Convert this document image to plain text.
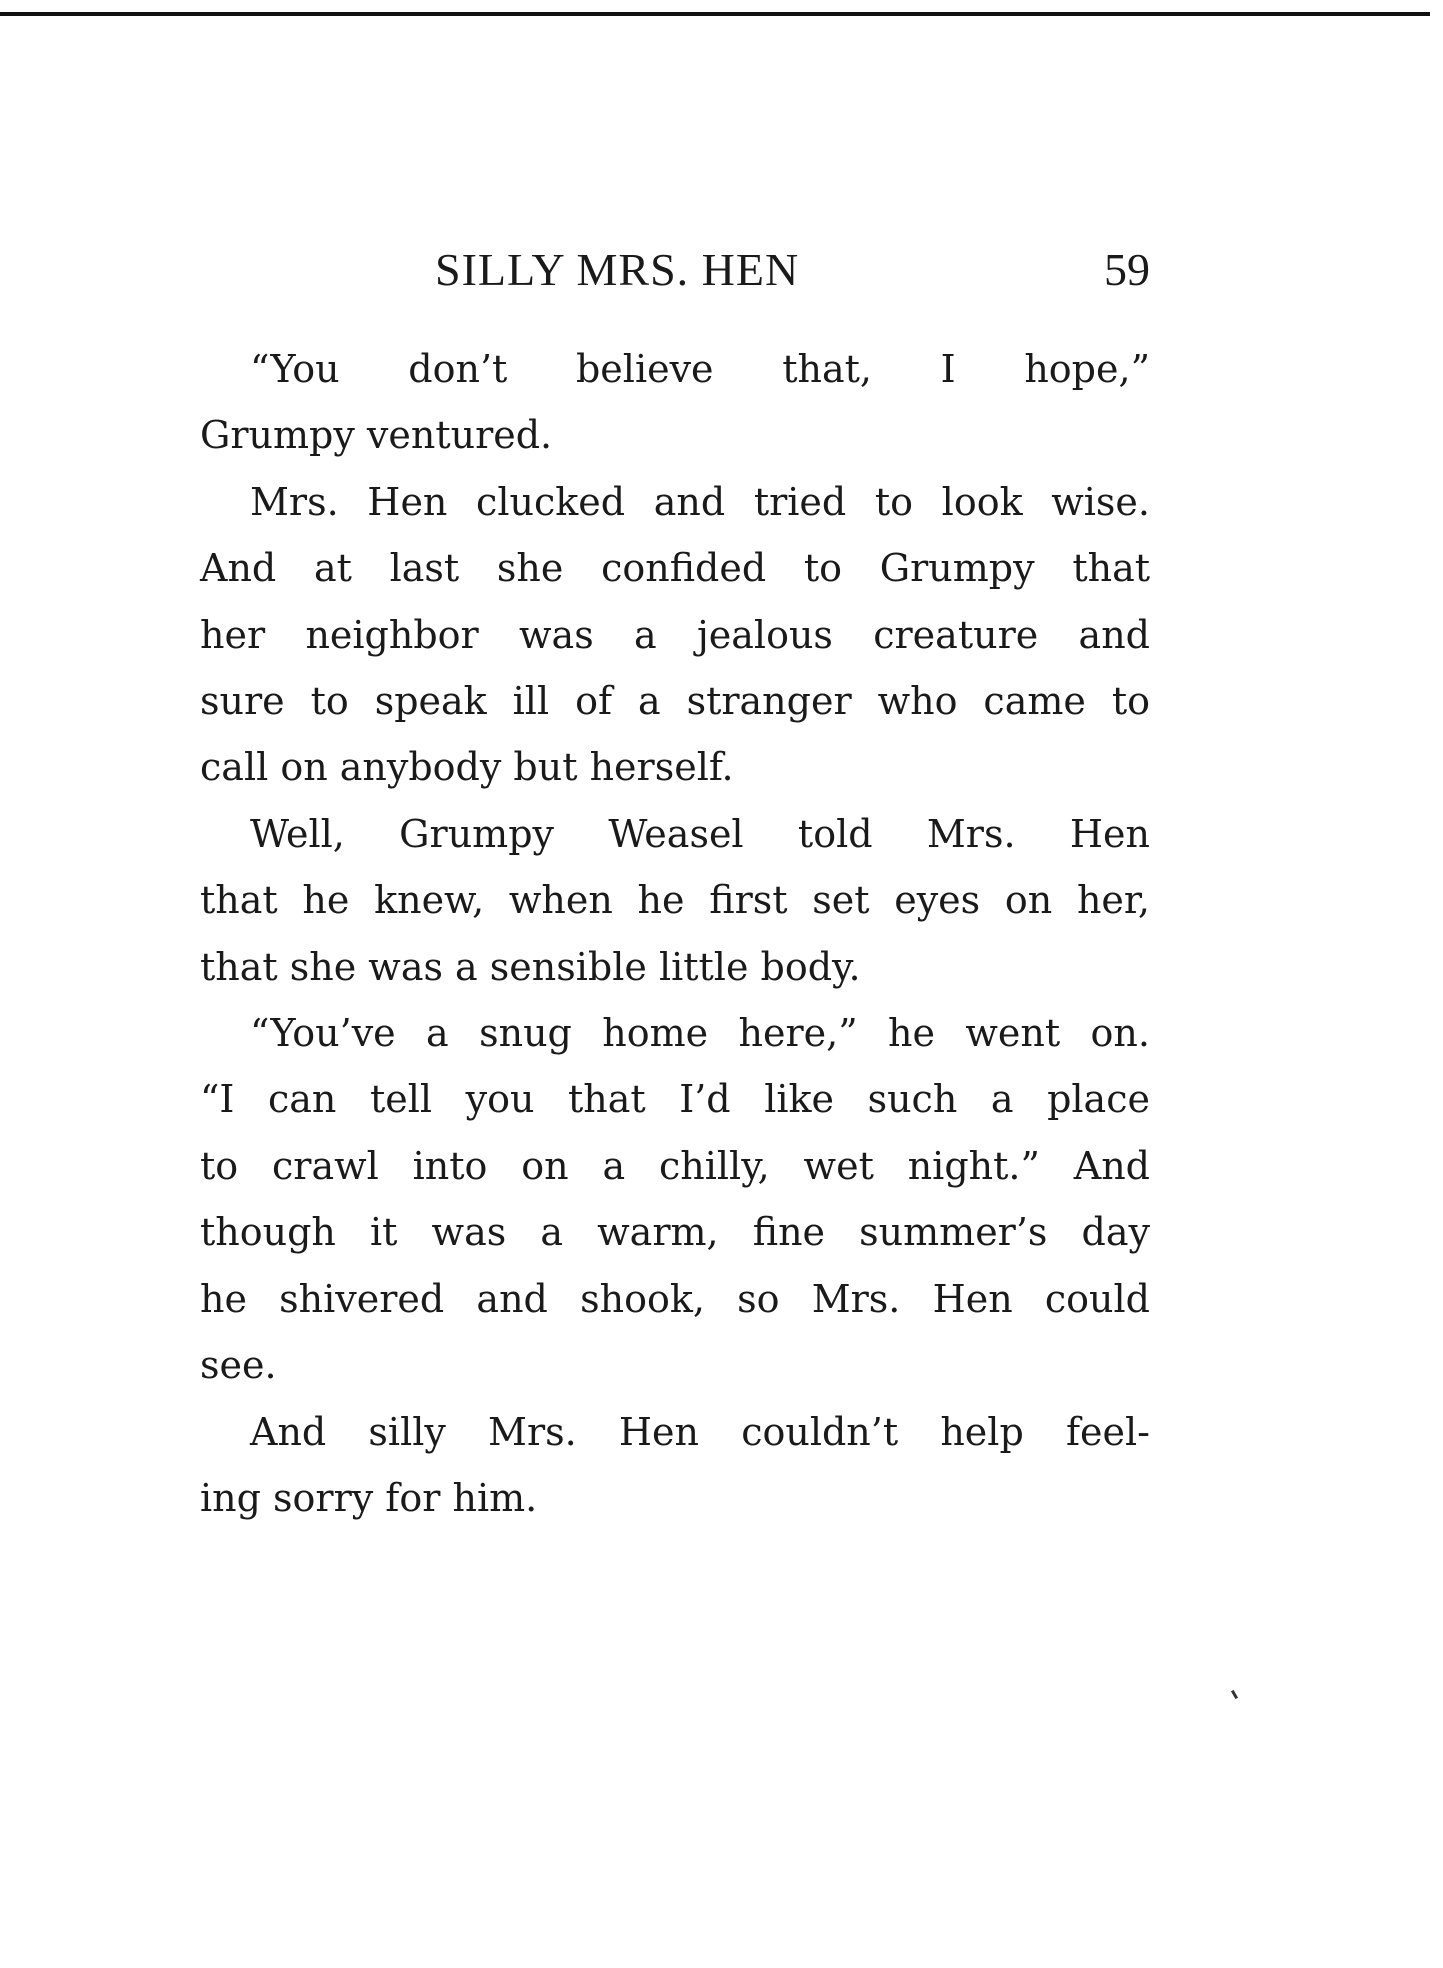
SILLY MRS. HEN	59

“You don’t believe that, I hope,”
Grumpy ventured.

Mrs. Hen clucked and tried to look wise.
And at last she confided to Grumpy that
her neighbor was a jealous creature and
sure to speak ill of a stranger who came to
call on anybody but herself.

Well, Grumpy Weasel told Mrs. Hen
that he knew, when he first set eyes on her,
that she was a sensible little body.

“You’ve a snug home here,” he went on.
“I can tell you that I’d like such a place
to crawl into on a chilly, wet night.” And
though it was a warm, fine summer’s day
he shivered and shook, so Mrs. Hen could
see.

And silly Mrs. Hen couldn’t help feel-
ing sorry for him.
